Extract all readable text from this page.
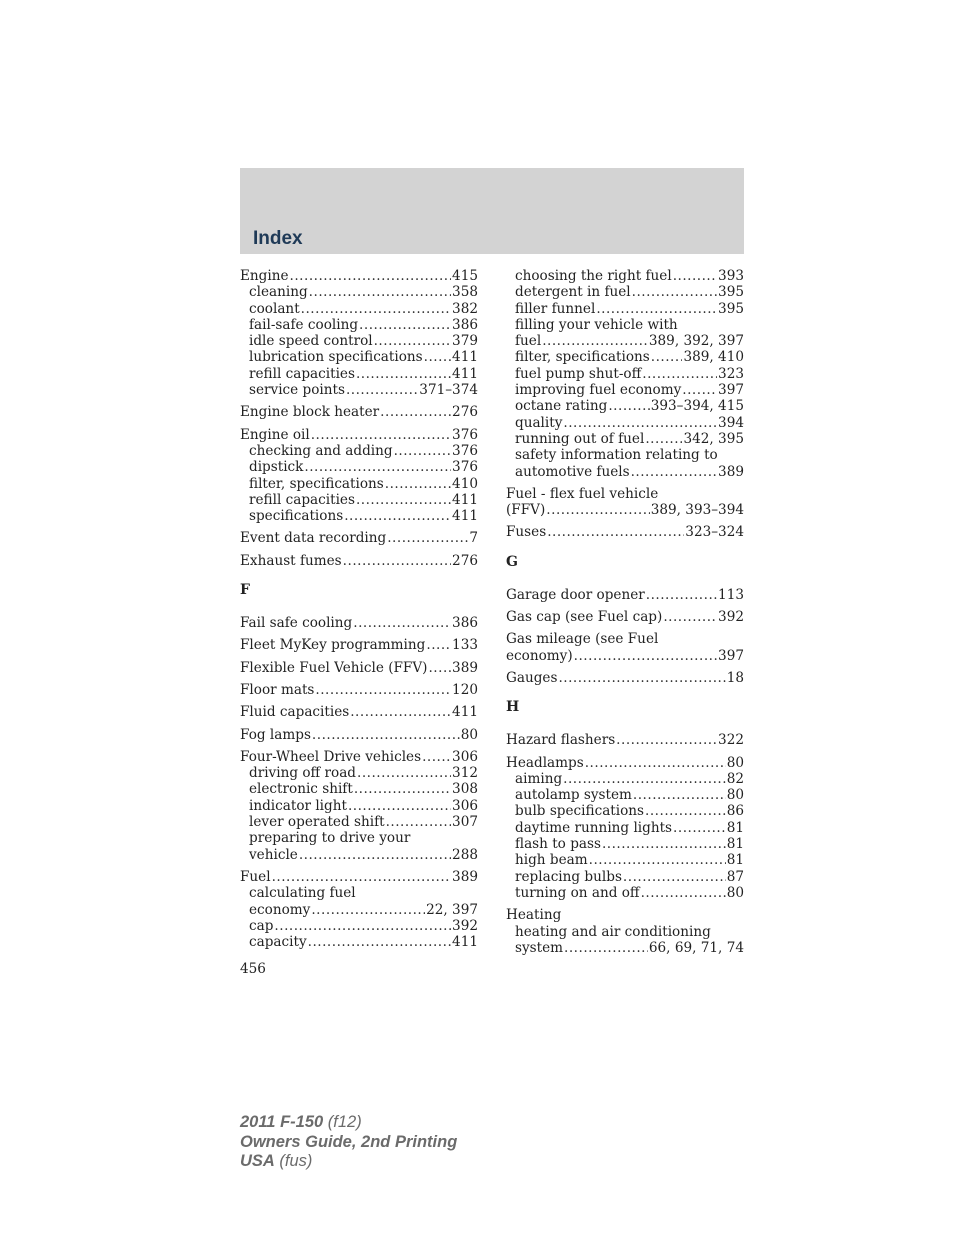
Index
Engine .....	415
cleaning .....	358
coolant .....	382
fail-safe cooling .....	386
idle speed control .....	379
lubrication specifications ..... 411
refill capacities .....	411
service points .....	371–374
Engine block heater .....	276
Engine oil .....	376
checking and adding .....	376
dipstick .....	376
filter, specifications .....	410
refill capacities .....	411
specifications .....	411
Event data recording .....	7
Exhaust fumes .....	276
F
Fail safe cooling .....	386
Fleet MyKey programming ..... 133
Flexible Fuel Vehicle (FFV) ..... 389
Floor mats .....	120
Fluid capacities .....	411
Fog lamps .....	80
Four-Wheel Drive vehicles ..... 306
driving off road .....	312
electronic shift .....	308
indicator light .....	306
lever operated shift .....	307
preparing to drive your
vehicle .....	288
Fuel .....	389
calculating fuel
economy .....	22, 397
cap .....	392
capacity .....	411
choosing the right fuel .....	393
detergent in fuel .....	395
filler funnel .....	395
filling your vehicle with
fuel .....	389, 392, 397
filter, specifications ..... 389, 410
fuel pump shut-off .....	323
improving fuel economy .....	397
octane rating .....	393–394, 415
quality .....	394
running out of fuel .....	342, 395
safety information relating to
automotive fuels .....	389
Fuel - flex fuel vehicle
(FFV) .....	389, 393–394
Fuses .....	323–324
G
Garage door opener .....	113
Gas cap (see Fuel cap) .....	392
Gas mileage (see Fuel
economy) .....	397
Gauges .....	18
H
Hazard flashers .....	322
Headlamps .....	80
aiming .....	82
autolamp system .....	80
bulb specifications .....	86
daytime running lights .....	81
flash to pass .....	81
high beam .....	81
replacing bulbs .....	87
turning on and off .....	80
Heating
heating and air conditioning
system .....	66, 69, 71, 74
456
2011 F-150 (f12)
Owners Guide, 2nd Printing
USA (fus)
